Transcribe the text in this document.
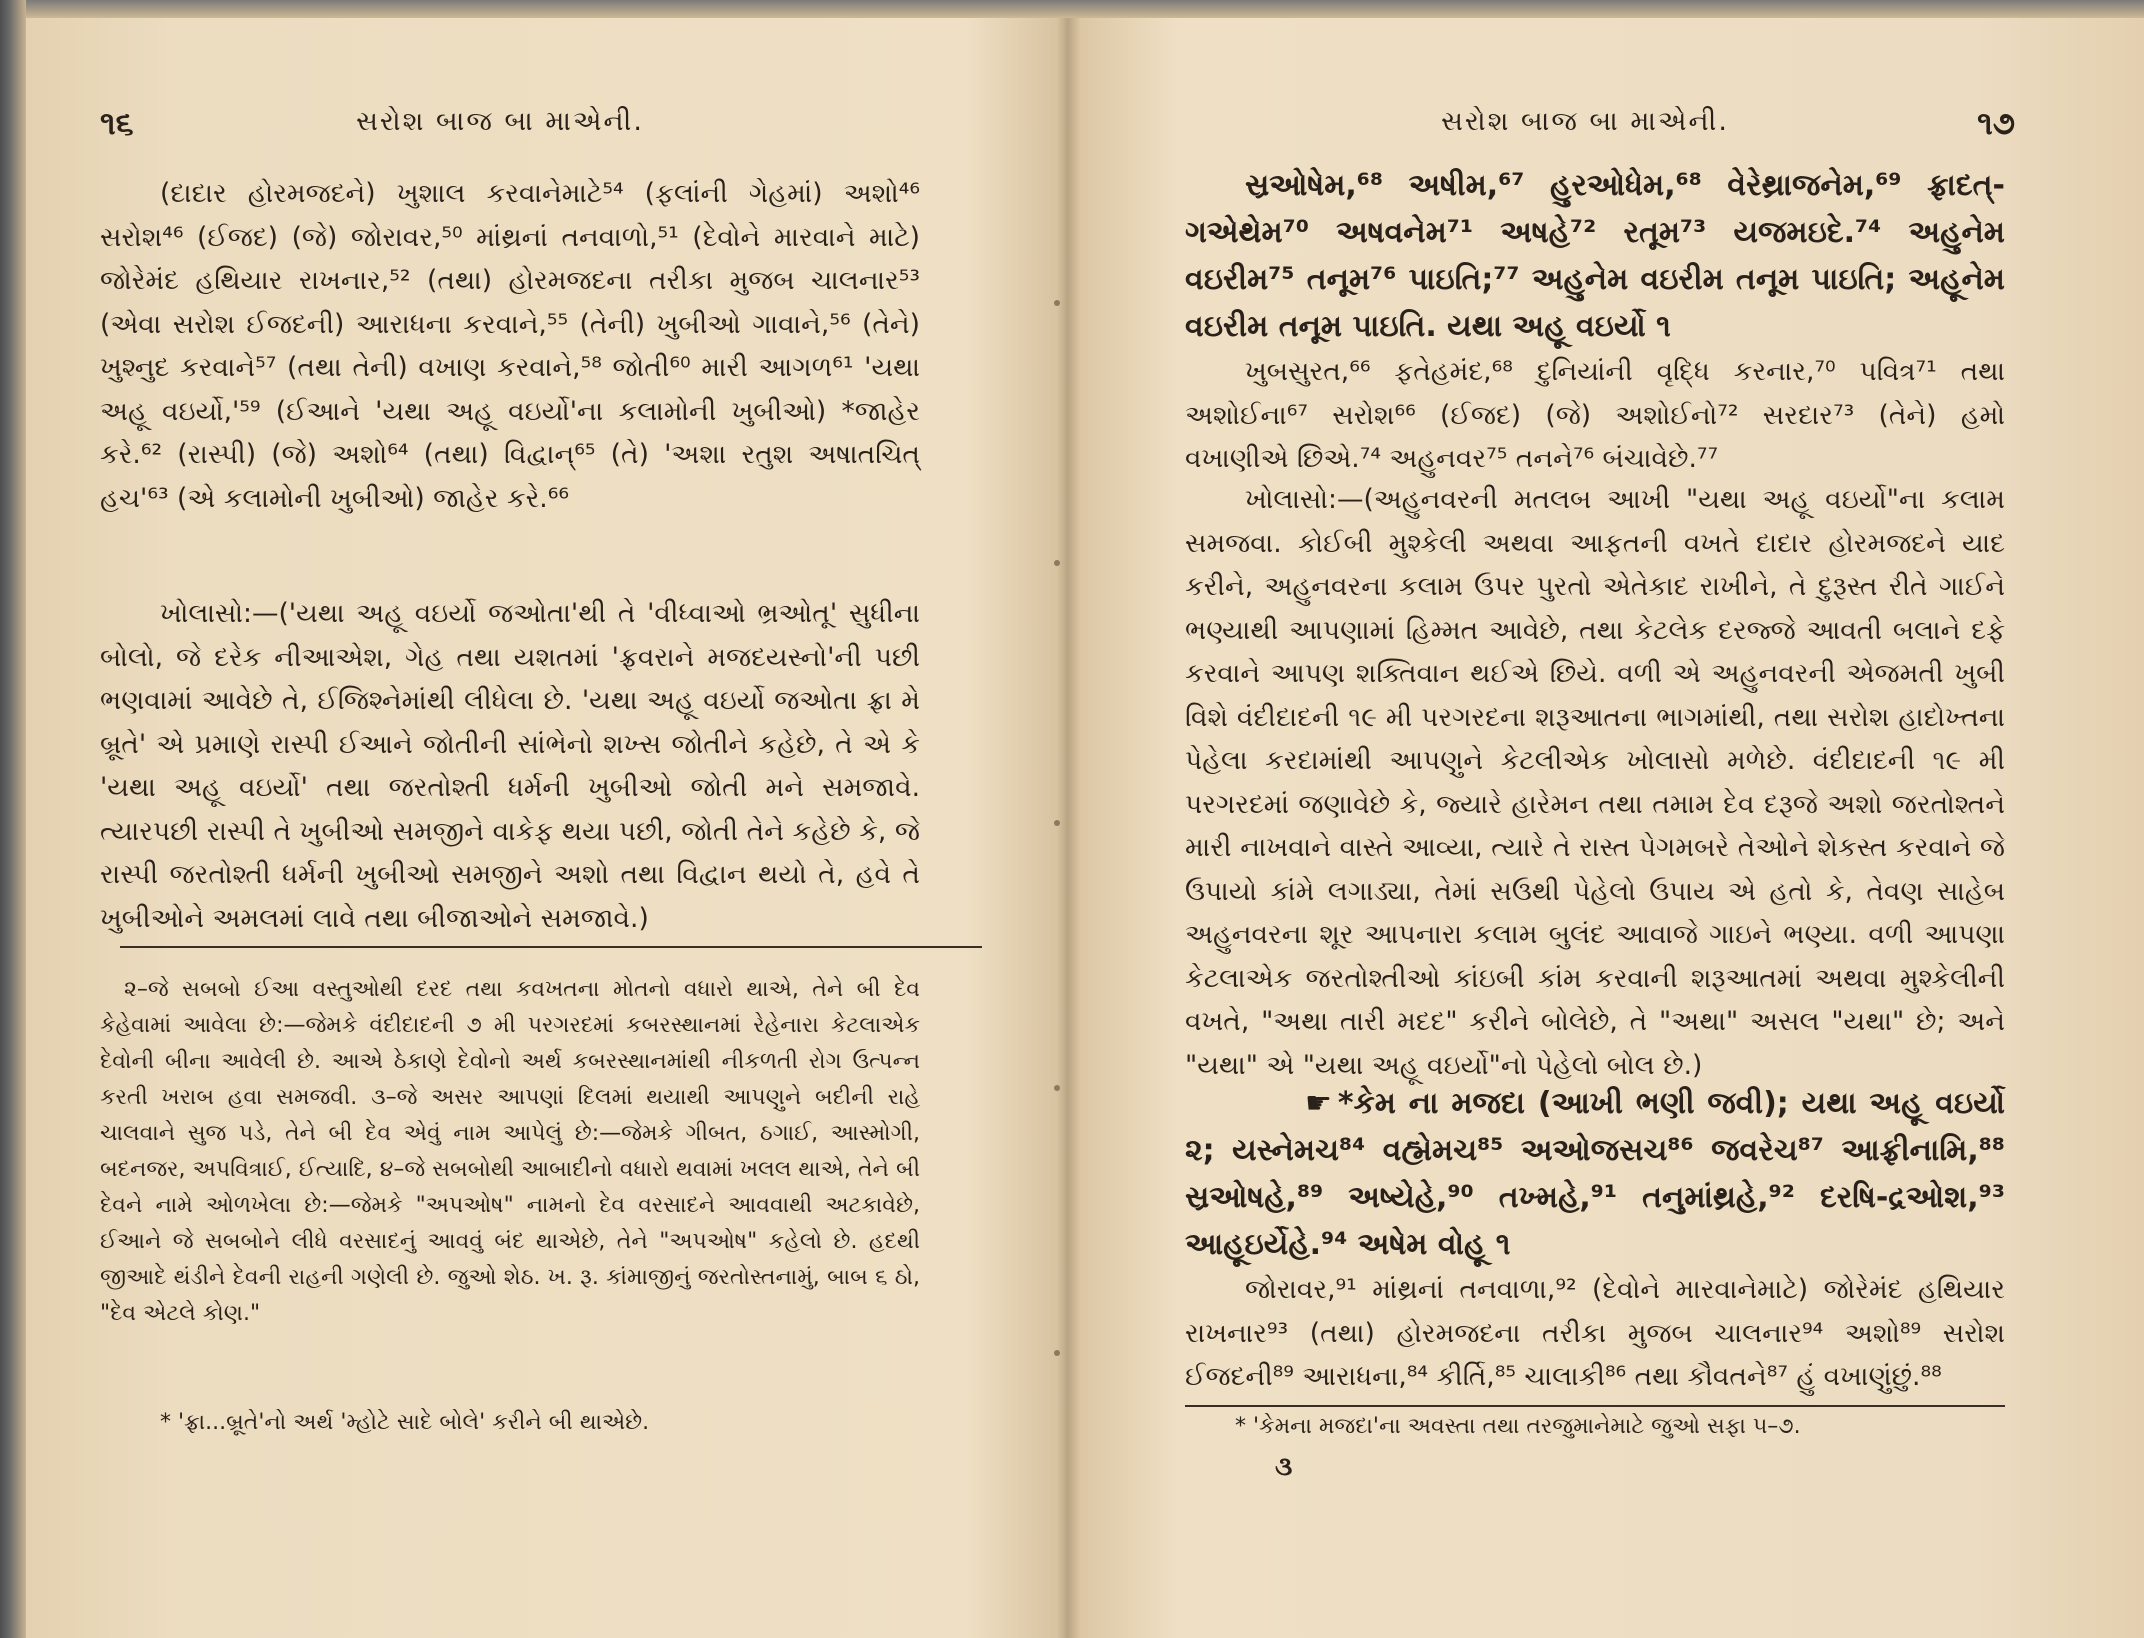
૧૬	સરોશ બાજ બા માએની.

(દાદાર હોરમજદને) ખુશાલ કરવાનેમાટે⁵⁴ (ફલાંની ગેહમાં) અશો⁴⁶ સરોશ⁴⁶ (ઈજદ) (જે) જોરાવર,⁵⁰ માંથ્રનાં તનવાળો,⁵¹ (દેવોને મારવાને માટે) જોરેમંદ હથિયાર રાખનાર,⁵² (તથા) હોરમજદના તરીકા મુજબ ચાલનાર⁵³ (એવા સરોશ ઈજદની) આરાધના કરવાને,⁵⁵ (તેની) ખુબીઓ ગાવાને,⁵⁶ (તેને) ખુશ્નુદ કરવાને⁵⁷ (તથા તેની) વખાણ કરવાને,⁵⁸ જોતી⁶⁰ મારી આગળ⁶¹ 'યથા અહૂ વઇર્યો,'⁵⁹ (ઈઆને 'યથા અહૂ વઇર્યો'ના કલામોની ખુબીઓ) *જાહેર કરે.⁶² (રાસ્પી) (જે) અશો⁶⁴ (તથા) વિદ્વાન્⁶⁵ (તે) 'અશા રતુશ અષાતચિત્ હચ'⁶³ (એ કલામોની ખુબીઓ) જાહેર કરે.⁶⁶

ખોલાસો:—('યથા અહૂ વઇર્યો જઓતા'થી તે 'વીધ્વાઓ ભ્રઓતૂ' સુધીના બોલો, જે દરેક નીઆએશ, ગેહ તથા યશતમાં 'ફ્રવરાને મજદયસ્નો'ની પછી ભણવામાં આવેછે તે, ઈજિશ્નેમાંથી લીધેલા છે. 'યથા અહૂ વઇર્યો જઓતા ફ્રા મે બ્રૂતે' એ પ્રમાણે રાસ્પી ઈઆને જોતીની સાંભેનો શખ્સ જોતીને કહેછે, તે એ કે 'યથા અહૂ વઇર્યો' તથા જરતોશ્તી ધર્મની ખુબીઓ જોતી મને સમજાવે. ત્યારપછી રાસ્પી તે ખુબીઓ સમજીને વાકેફ થયા પછી, જોતી તેને કહેછે કે, જે રાસ્પી જરતોશ્તી ધર્મની ખુબીઓ સમજીને અશો તથા વિદ્વાન થયો તે, હવે તે ખુબીઓને અમલમાં લાવે તથા બીજાઓને સમજાવે.)

૨–જે સબબો ઈઆ વસ્તુઓથી દરદ તથા કવખતના મોતનો વધારો થાએ, તેને બી દેવ કેહેવામાં આવેલા છે:—જેમકે વંદીદાદની ૭ મી પરગરદમાં કબરસ્થાનમાં રેહેનારા કેટલાએક દેવોની બીના આવેલી છે. આએ ઠેકાણે દેવોનો અર્થ કબરસ્થાનમાંથી નીકળતી રોગ ઉત્પન્ન કરતી ખરાબ હવા સમજવી. ૩–જે અસર આપણાં દિલમાં થયાથી આપણુને બદીની રાહે ચાલવાને સુજ પડે, તેને બી દેવ એવું નામ આપેલું છે:—જેમકે ગીબત, ઠગાઈ, આસ્મોગી, બદનજર, અપવિત્રાઈ, ઈત્યાદિ, ૪–જે સબબોથી આબાદીનો વધારો થવામાં ખલલ થાએ, તેને બી દેવને નામે ઓળખેલા છે:—જેમકે "અપઓષ" નામનો દેવ વરસાદને આવવાથી અટકાવેછે, ઈઆને જે સબબોને લીધે વરસાદનું આવવું બંદ થાએછે, તેને "અપઓષ" કહેલો છે. હદથી જીઆદે થંડીને દેવની રાહની ગણેલી છે. જુઓ શેઠ. ખ. રૂ. કાંમાજીનું જરતોસ્તનામું, બાબ ૬ ઠો, "દેવ એટલે કોણ."

* 'ફ્રા...બ્રૂતે'નો અર્થ 'મ્હોટે સાદે બોલે' કરીને બી થાએછે.
સરોશ બાજ બા માએની.	૧૭

સ્રઓષેમ,⁶⁸ અષીમ,⁶⁷ હુરઓધેમ,⁶⁸ વેરેથ્રાજનેમ,⁶⁹ ફ્રાદત્‌-ગએથેમ⁷⁰ અષવનેમ⁷¹ અષહે⁷² રતૂમ⁷³ યજમઇદે.⁷⁴ અહુનેમ વઇરીમ⁷⁵ તનૂમ⁷⁶ પાઇતિ;⁷⁷ અહુનેમ વઇરીમ તનૂમ પાઇતિ; અહૂનેમ વઇરીમ તનૂમ પાઇતિ. યથા અહૂ વઇર્યો ૧

ખુબસુરત,⁶⁶ ફતેહમંદ,⁶⁸ દુનિયાંની વૃદ્ધિ કરનાર,⁷⁰ પવિત્ર⁷¹ તથા અશોઈના⁶⁷ સરોશ⁶⁶ (ઈજદ) (જે) અશોઈનો⁷² સરદાર⁷³ (તેને) હમો વખાણીએ છિએ.⁷⁴ અહુનવર⁷⁵ તનને⁷⁶ બંચાવેછે.⁷⁷

ખોલાસો:—(અહુનવરની મતલબ આખી "યથા અહૂ વઇર્યો"ના કલામ સમજવા. કોઈબી મુશ્કેલી અથવા આફતની વખતે દાદાર હોરમજદને યાદ કરીને, અહુનવરના કલામ ઉપર પુરતો એતેકાદ રાખીને, તે દુરૂસ્ત રીતે ગાઈને ભણ્યાથી આપણામાં હિમ્મત આવેછે, તથા કેટલેક દરજ્જે આવતી બલાને દફે કરવાને આપણ શક્તિવાન થઈએ છિયે. વળી એ અહુનવરની એજમતી ખુબી વિશે વંદીદાદની ૧૯ મી પરગરદના શરૂઆતના ભાગમાંથી, તથા સરોશ હાદોખ્તના પેહેલા કરદામાંથી આપણુને કેટલીએક ખોલાસો મળેછે. વંદીદાદની ૧૯ મી પરગરદમાં જણાવેછે કે, જ્યારે હારેમન તથા તમામ દેવ દરૂજે અશો જરતોશ્તને મારી નાખવાને વાસ્તે આવ્યા, ત્યારે તે રાસ્ત પેગમબરે તેઓને શેકસ્ત કરવાને જે ઉપાયો કાંમે લગાડ્યા, તેમાં સઉથી પેહેલો ઉપાય એ હતો કે, તેવણ સાહેબ અહુનવરના શૂર આપનારા કલામ બુલંદ આવાજે ગાઇને ભણ્યા. વળી આપણા કેટલાએક જરતોશ્તીઓ કાંઇબી કાંમ કરવાની શરૂઆતમાં અથવા મુશ્કેલીની વખતે, "અથા તારી મદદ" કરીને બોલેછે, તે "અથા" અસલ "યથા" છે; અને "યથા" એ "યથા અહૂ વઇર્યો"નો પેહેલો બોલ છે.)

☛ *કેમ ના મજદા (આખી ભણી જવી); યથા અહૂ વઇર્યો ૨; યસ્નેમચ⁸⁴ વહ્મેમચ⁸⁵ અઓજસચ⁸⁶ જવરેચ⁸⁷ આફ્રીનામિ,⁸⁸ સ્રઓષહે,⁸⁹ અષ્યેહે,⁹⁰ તખ્મહે,⁹¹ તનુમાંથ્રહે,⁹² દરષિ-દ્રઓશ,⁹³ આહૂઇર્યેહે.⁹⁴ અષેમ વોહૂ ૧

જોરાવર,⁹¹ માંથ્રનાં તનવાળા,⁹² (દેવોને મારવાનેમાટે) જોરેમંદ હથિયાર રાખનાર⁹³ (તથા) હોરમજદના તરીકા મુજબ ચાલનાર⁹⁴ અશો⁸⁹ સરોશ ઈજદની⁸⁹ આરાધના,⁸⁴ કીર્તિ,⁸⁵ ચાલાકી⁸⁶ તથા કૌવતને⁸⁷ હું વખાણુંછું.⁸⁸

* 'કેમના મજદા'ના અવસ્તા તથા તરજુમાનેમાટે જુઓ સફા ૫–૭.
૩
